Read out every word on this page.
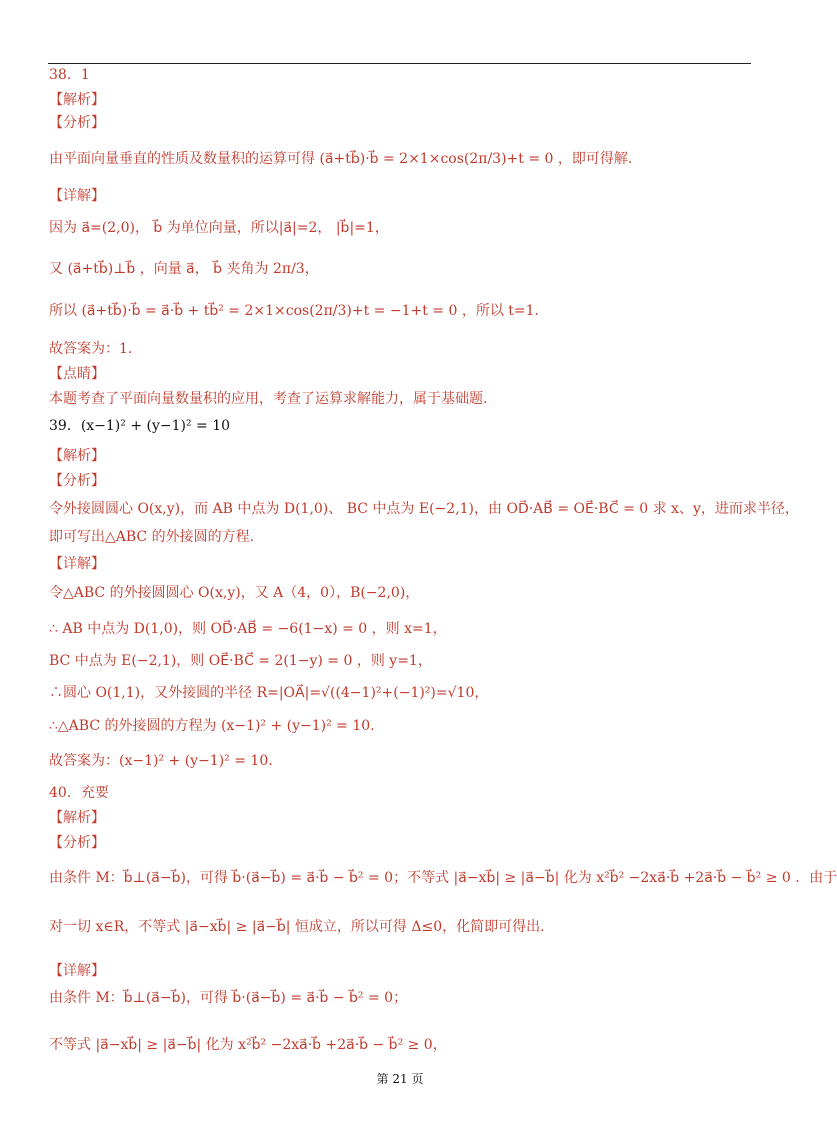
38．1
【解析】
【分析】
由平面向量垂直的性质及数量积的运算可得 (a⃗+tb⃗)·b⃗ = 2×1×cos(2π/3)+t = 0 ，即可得解.
【详解】
因为 a⃗=(2,0)， b⃗ 为单位向量，所以|a⃗|=2， |b⃗|=1，
又 (a⃗+tb⃗)⊥b⃗ ，向量 a⃗， b⃗ 夹角为 2π/3，
所以 (a⃗+tb⃗)·b⃗ = a⃗·b⃗ + tb⃗² = 2×1×cos(2π/3)+t = −1+t = 0 ，所以 t=1.
故答案为：1.
【点睛】
本题考查了平面向量数量积的应用，考查了运算求解能力，属于基础题.
39．(x−1)² + (y−1)² = 10
【解析】
【分析】
令外接圆圆心 O(x,y)，而 AB 中点为 D(1,0)、 BC 中点为 E(−2,1)，由 OD⃗·AB⃗ = OE⃗·BC⃗ = 0 求 x、y，进而求半径，
即可写出△ABC 的外接圆的方程.
【详解】
令△ABC 的外接圆圆心 O(x,y)，又 A（4，0），B(−2,0)，
∴ AB 中点为 D(1,0)，则 OD⃗·AB⃗ = −6(1−x) = 0 ，则 x=1，
BC 中点为 E(−2,1)，则 OE⃗·BC⃗ = 2(1−y) = 0 ，则 y=1，
∴圆心 O(1,1)，又外接圆的半径 R=|OA⃗|=√((4−1)²+(−1)²)=√10，
∴△ABC 的外接圆的方程为 (x−1)² + (y−1)² = 10.
故答案为：(x−1)² + (y−1)² = 10.
40．充要
【解析】
【分析】
由条件 M：b⃗⊥(a⃗−b⃗)，可得 b⃗·(a⃗−b⃗) = a⃗·b⃗ − b⃗² = 0；不等式 |a⃗−xb⃗| ≥ |a⃗−b⃗| 化为 x²b⃗² −2xa⃗·b⃗ +2a⃗·b⃗ − b⃗² ≥ 0 ．由于
对一切 x∈R，不等式 |a⃗−xb⃗| ≥ |a⃗−b⃗| 恒成立，所以可得 Δ≤0，化简即可得出.
【详解】
由条件 M：b⃗⊥(a⃗−b⃗)，可得 b⃗·(a⃗−b⃗) = a⃗·b⃗ − b⃗² = 0；
不等式 |a⃗−xb⃗| ≥ |a⃗−b⃗| 化为 x²b⃗² −2xa⃗·b⃗ +2a⃗·b⃗ − b⃗² ≥ 0，
第 21 页
